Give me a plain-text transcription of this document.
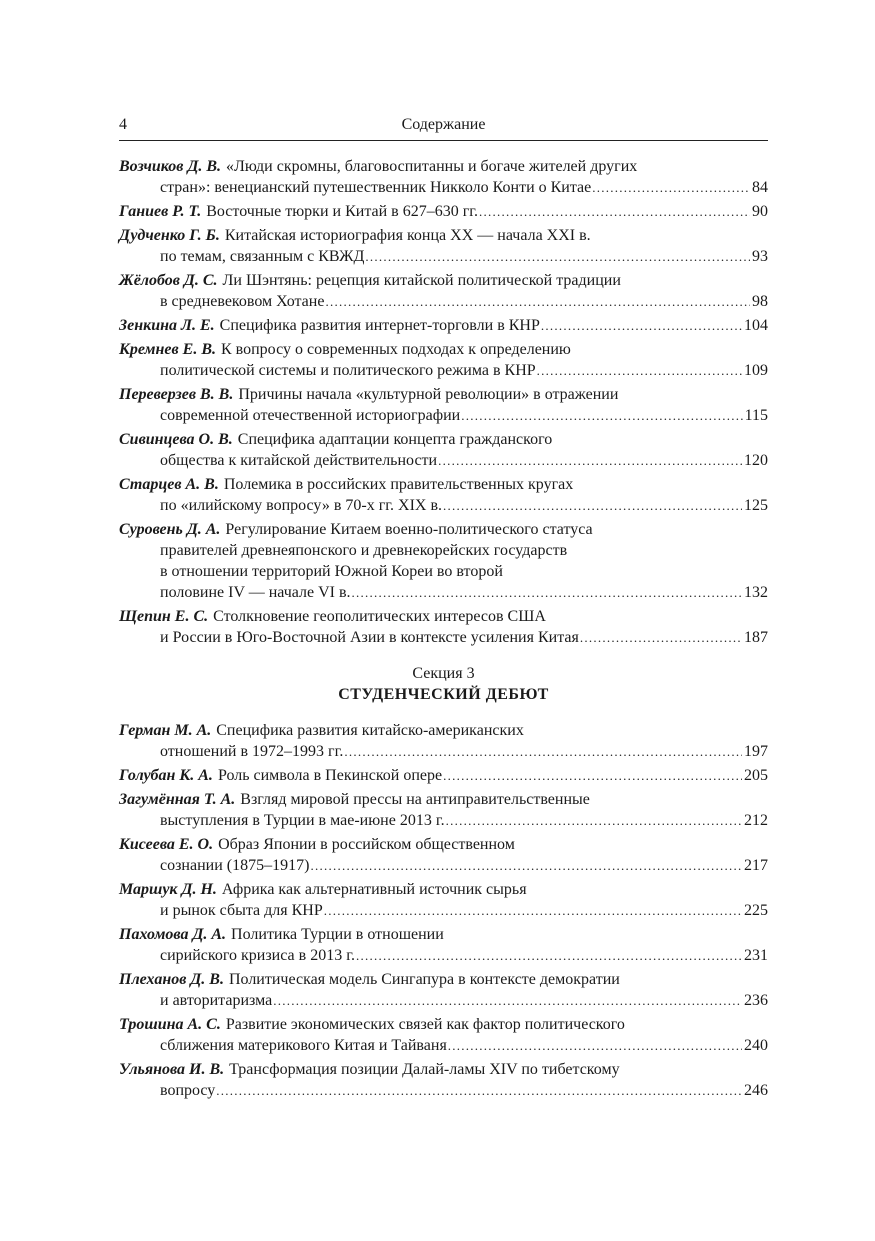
4	Содержание
Возчиков Д. В. «Люди скромны, благовоспитанны и богаче жителей других
стран»: венецианский путешественник Никколо Конти о Китае . . .	84
Ганиев Р. Т. Восточные тюрки и Китай в 627–630 гг. . . .	90
Дудченко Г. Б. Китайская историография конца XX — начала XXI в.
по темам, связанным с КВЖД . . .	93
Жёлобов Д. С. Ли Шэнтянь: рецепция китайской политической традиции
в средневековом Хотане . . .	98
Зенкина Л. Е. Специфика развития интернет-торговли в КНР . . .	104
Кремнев Е. В. К вопросу о современных подходах к определению
политической системы и политического режима в КНР . . .	109
Переверзев В. В. Причины начала «культурной революции» в отражении
современной отечественной историографии . . .	115
Сивинцева О. В. Специфика адаптации концепта гражданского
общества к китайской действительности . . .	120
Старцев А. В. Полемика в российских правительственных кругах
по «илийскому вопросу» в 70-х гг. XIX в. . . .	125
Суровень Д. А. Регулирование Китаем военно-политического статуса
правителей древнеяпонского и древнекорейских государств
в отношении территорий Южной Кореи во второй
половине IV — начале VI в. . . .	132
Щепин Е. С. Столкновение геополитических интересов США
и России в Юго-Восточной Азии в контексте усиления Китая . . .	187
Секция 3
СТУДЕНЧЕСКИЙ ДЕБЮТ
Герман М. А. Специфика развития китайско-американских
отношений в 1972–1993 гг. . . .	197
Голубан К. А. Роль символа в Пекинской опере . . .	205
Загумённая Т. А. Взгляд мировой прессы на антиправительственные
выступления в Турции в мае-июне 2013 г. . . .	212
Кисеева Е. О. Образ Японии в российском общественном
сознании (1875–1917) . . .	217
Маршук Д. Н. Африка как альтернативный источник сырья
и рынок сбыта для КНР . . .	225
Пахомова Д. А. Политика Турции в отношении
сирийского кризиса в 2013 г. . . .	231
Плеханов Д. В. Политическая модель Сингапура в контексте демократии
и авторитаризма . . .	236
Трошина А. С. Развитие экономических связей как фактор политического
сближения материкового Китая и Тайваня . . .	240
Ульянова И. В. Трансформация позиции Далай-ламы XIV по тибетскому
вопросу . . .	246
